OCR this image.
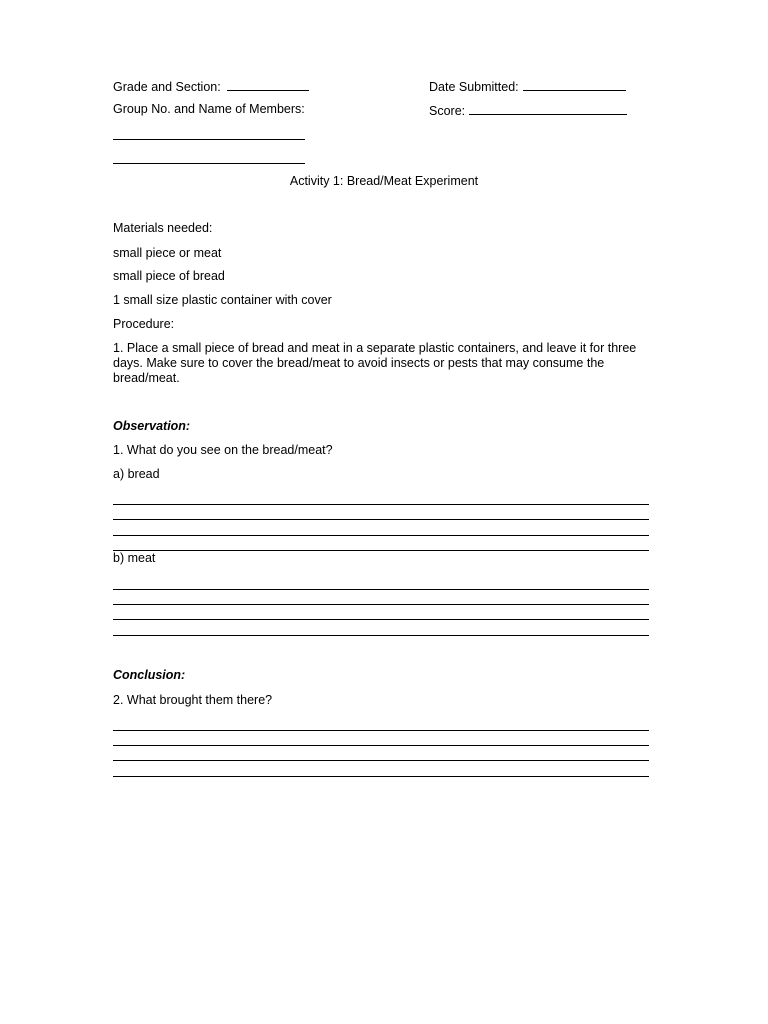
Grade and Section:	Date Submitted:
Group No. and Name of Members:	Score:
Activity 1: Bread/Meat Experiment
Materials needed:
small piece or meat
small piece of bread
1 small size plastic container with cover
Procedure:
1. Place a small piece of bread and meat in a separate plastic containers, and leave it for three days. Make sure to cover the bread/meat to avoid insects or pests that may consume the bread/meat.
Observation:
1. What do you see on the bread/meat?
a) bread
b) meat
Conclusion:
2. What brought them there?
